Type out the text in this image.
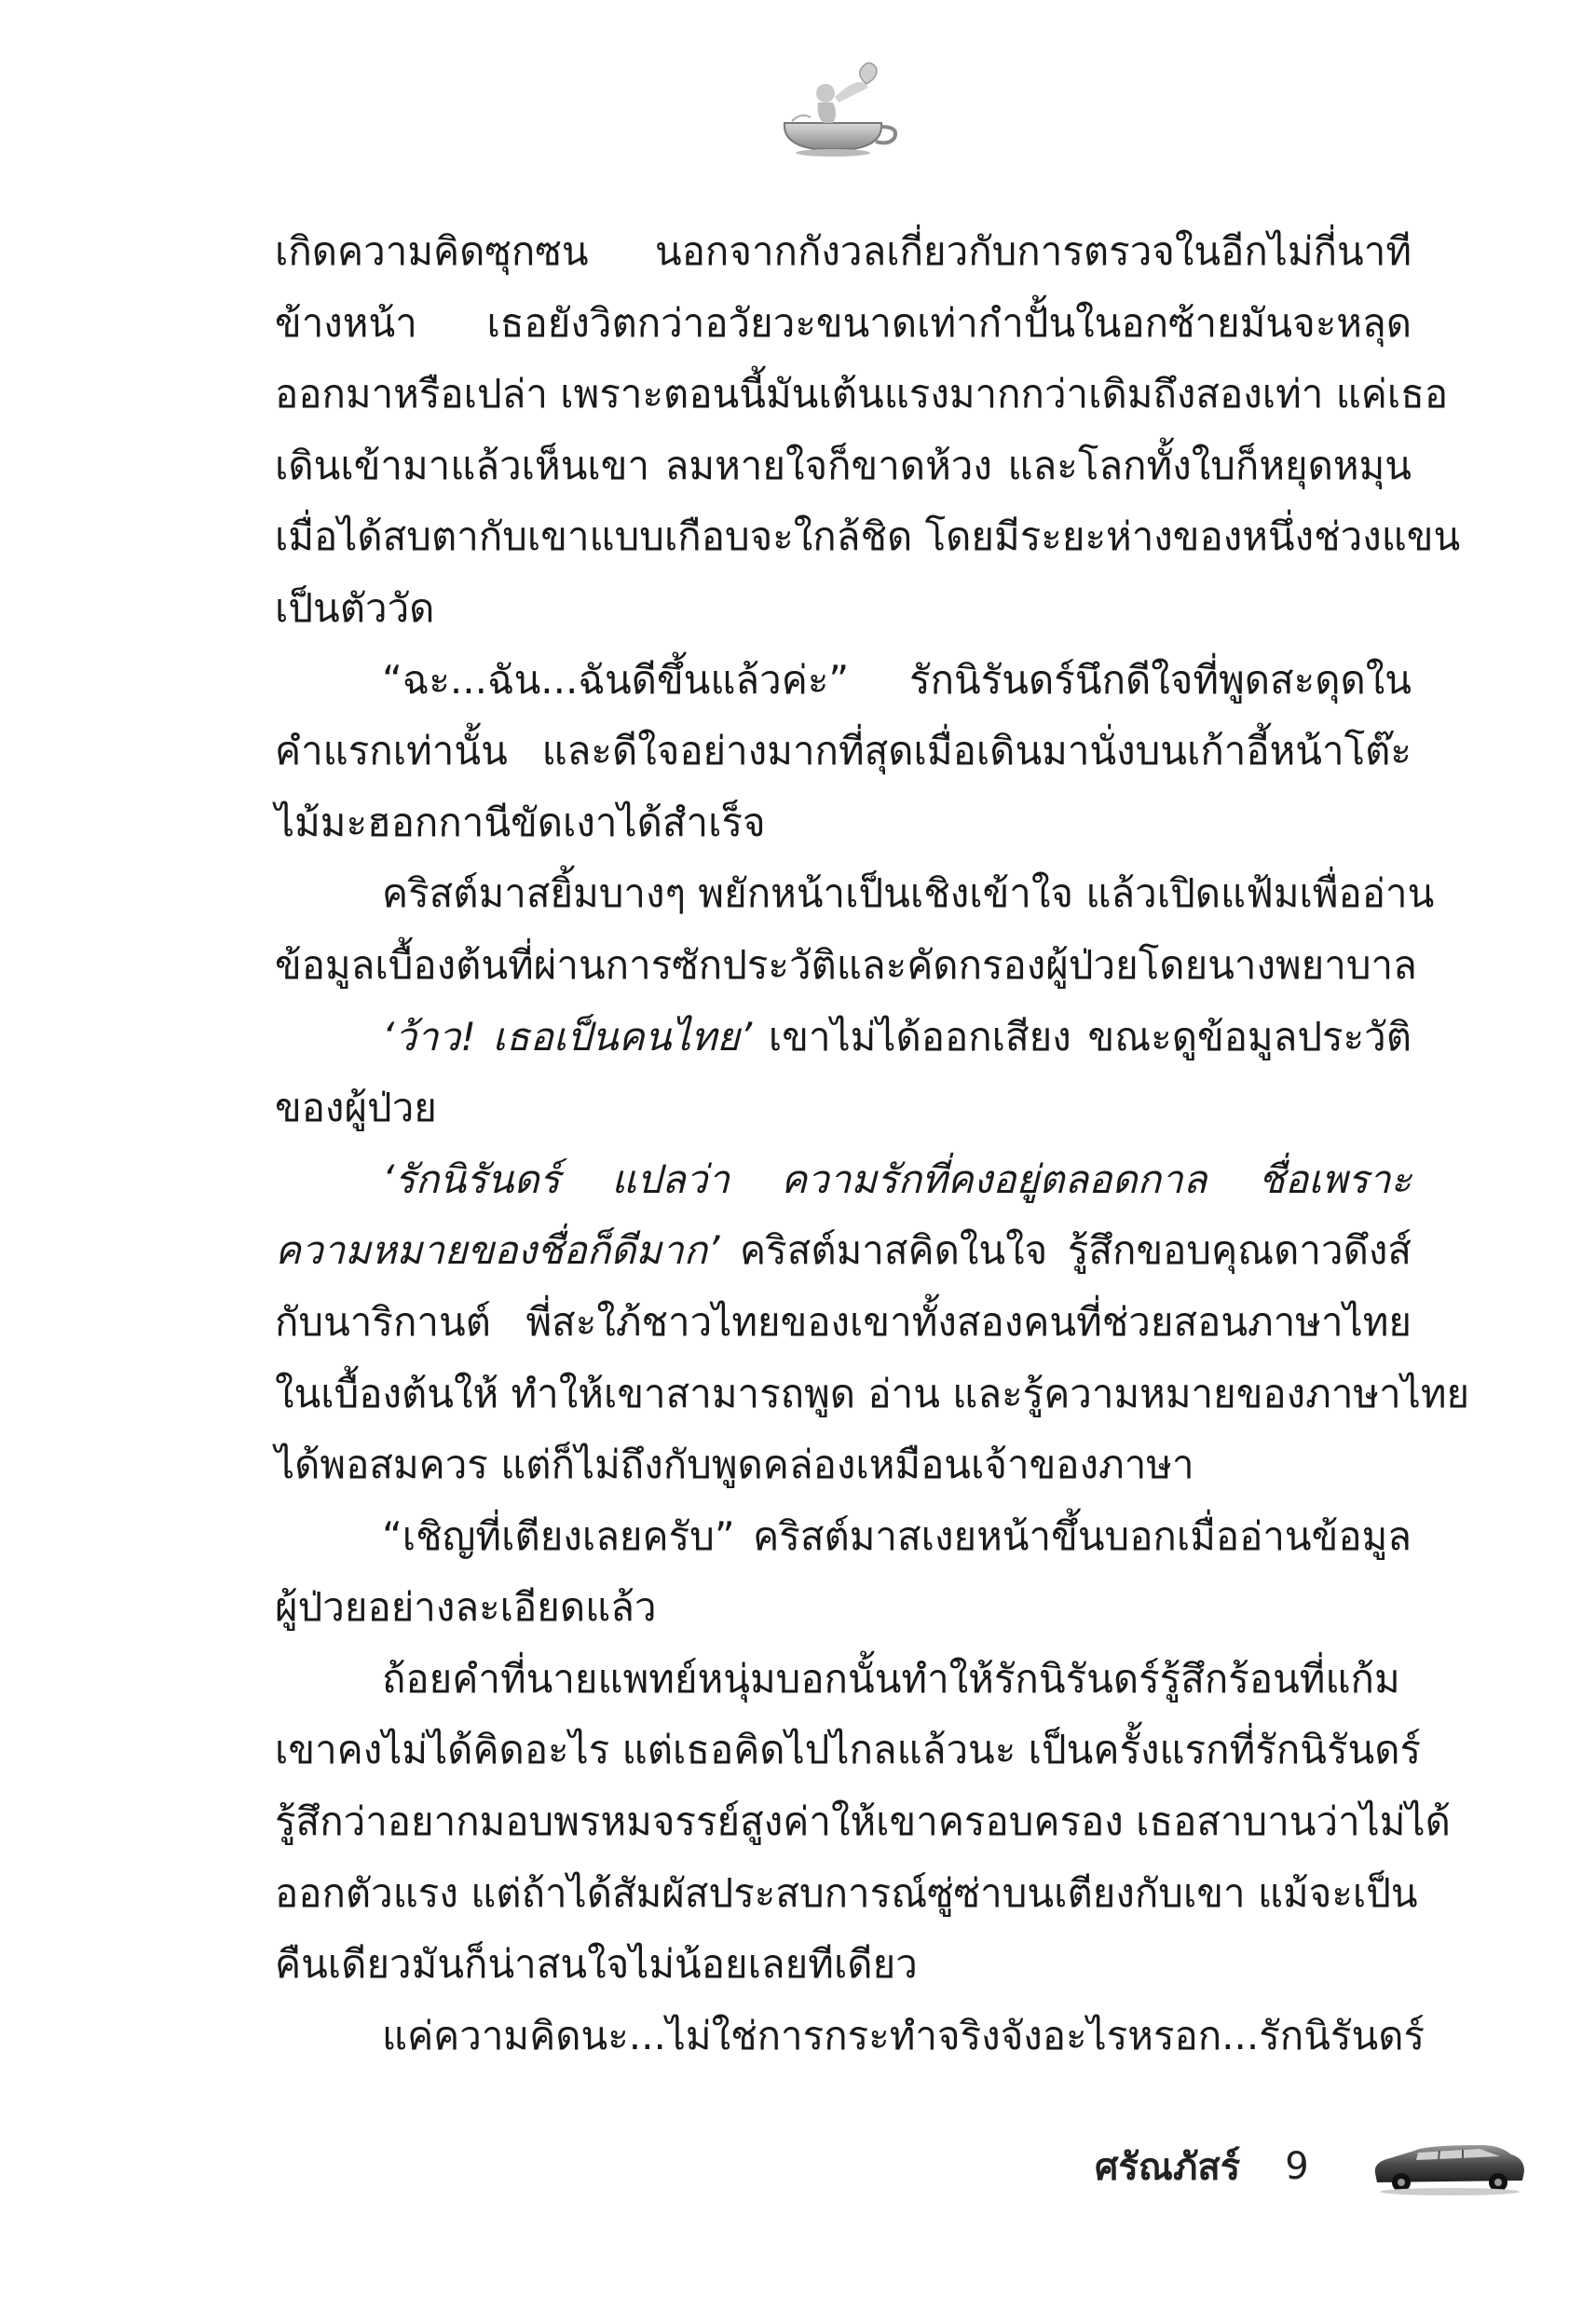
เกิดความคิดซุกซน นอกจากกังวลเกี่ยวกับการตรวจในอีกไม่กี่นาที
ข้างหน้า เธอยังวิตกว่าอวัยวะขนาดเท่ากำปั้นในอกซ้ายมันจะหลุด
ออกมาหรือเปล่า เพราะตอนนี้มันเต้นแรงมากกว่าเดิมถึงสองเท่า แค่เธอ
เดินเข้ามาแล้วเห็นเขา ลมหายใจก็ขาดห้วง และโลกทั้งใบก็หยุดหมุน
เมื่อได้สบตากับเขาแบบเกือบจะใกล้ชิด โดยมีระยะห่างของหนึ่งช่วงแขน
เป็นตัววัด
“ฉะ...ฉัน...ฉันดีขึ้นแล้วค่ะ” รักนิรันดร์นึกดีใจที่พูดสะดุดใน
คำแรกเท่านั้น และดีใจอย่างมากที่สุดเมื่อเดินมานั่งบนเก้าอี้หน้าโต๊ะ
ไม้มะฮอกกานีขัดเงาได้สำเร็จ
คริสต์มาสยิ้มบางๆ พยักหน้าเป็นเชิงเข้าใจ แล้วเปิดแฟ้มเพื่ออ่าน
ข้อมูลเบื้องต้นที่ผ่านการซักประวัติและคัดกรองผู้ป่วยโดยนางพยาบาล
‘ว้าว! เธอเป็นคนไทย’ เขาไม่ได้ออกเสียง ขณะดูข้อมูลประวัติ
ของผู้ป่วย
‘รักนิรันดร์ แปลว่า ความรักที่คงอยู่ตลอดกาล ชื่อเพราะ
ความหมายของชื่อก็ดีมาก’ คริสต์มาสคิดในใจ รู้สึกขอบคุณดาวดึงส์
กับนาริกานต์ พี่สะใภ้ชาวไทยของเขาทั้งสองคนที่ช่วยสอนภาษาไทย
ในเบื้องต้นให้ ทำให้เขาสามารถพูด อ่าน และรู้ความหมายของภาษาไทย
ได้พอสมควร แต่ก็ไม่ถึงกับพูดคล่องเหมือนเจ้าของภาษา
“เชิญที่เตียงเลยครับ” คริสต์มาสเงยหน้าขึ้นบอกเมื่ออ่านข้อมูล
ผู้ป่วยอย่างละเอียดแล้ว
ถ้อยคำที่นายแพทย์หนุ่มบอกนั้นทำให้รักนิรันดร์รู้สึกร้อนที่แก้ม
เขาคงไม่ได้คิดอะไร แต่เธอคิดไปไกลแล้วนะ เป็นครั้งแรกที่รักนิรันดร์
รู้สึกว่าอยากมอบพรหมจรรย์สูงค่าให้เขาครอบครอง เธอสาบานว่าไม่ได้
ออกตัวแรง แต่ถ้าได้สัมผัสประสบการณ์ซู่ซ่าบนเตียงกับเขา แม้จะเป็น
คืนเดียวมันก็น่าสนใจไม่น้อยเลยทีเดียว
แค่ความคิดนะ...ไม่ใช่การกระทำจริงจังอะไรหรอก...รักนิรันดร์
ศรัณภัสร์ 9
